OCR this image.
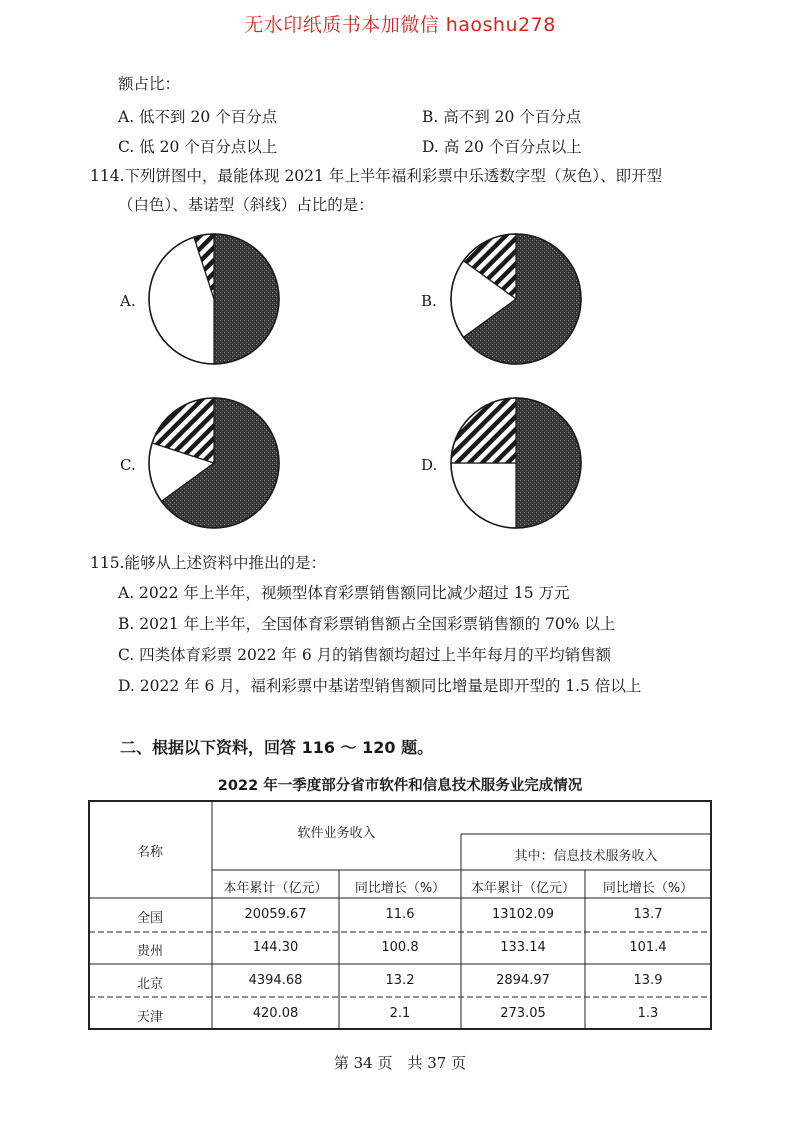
无水印纸质书本加微信 haoshu278
额占比：
A. 低不到 20 个百分点	B. 高不到 20 个百分点
C. 低 20 个百分点以上	D. 高 20 个百分点以上
114.下列饼图中，最能体现 2021 年上半年福利彩票中乐透数字型（灰色）、即开型
（白色）、基诺型（斜线）占比的是：
A.	B.
C.	D.
115.能够从上述资料中推出的是：
A. 2022 年上半年，视频型体育彩票销售额同比减少超过 15 万元
B. 2021 年上半年，全国体育彩票销售额占全国彩票销售额的 70% 以上
C. 四类体育彩票 2022 年 6 月的销售额均超过上半年每月的平均销售额
D. 2022 年 6 月，福利彩票中基诺型销售额同比增量是即开型的 1.5 倍以上
二、根据以下资料，回答 116 ～ 120 题。
2022 年一季度部分省市软件和信息技术服务业完成情况
名称
软件业务收入
其中：信息技术服务收入
本年累计（亿元）	同比增长（%）	本年累计（亿元）	同比增长（%）
全国	20059.67	11.6	13102.09	13.7
贵州	144.30	100.8	133.14	101.4
北京	4394.68	13.2	2894.97	13.9
天津	420.08	2.1	273.05	1.3
第 34 页　共 37 页
